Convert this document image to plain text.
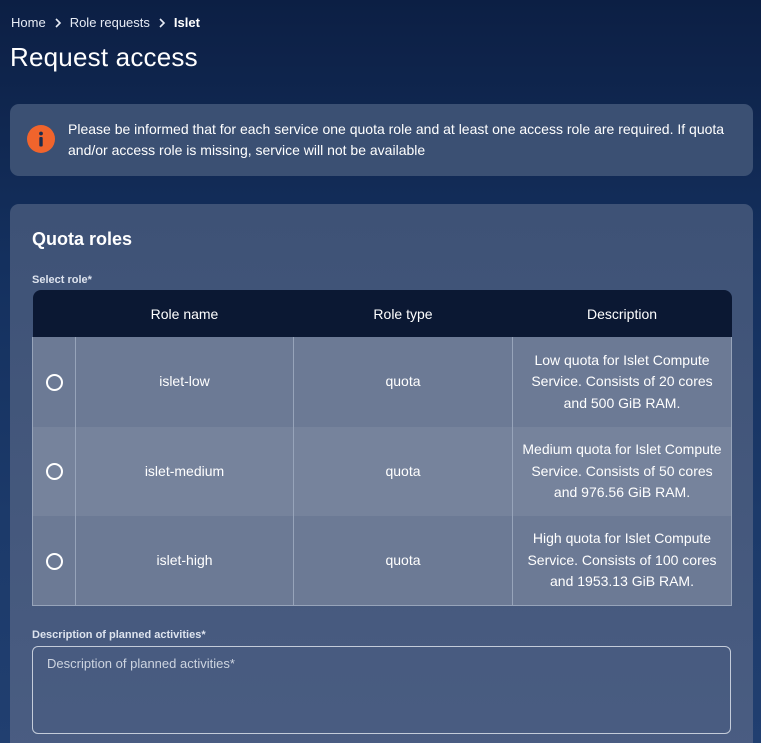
Home Role requests Islet
Request access

Please be informed that for each service one quota role and at least one access role are required. If quota and/or access role is missing, service will not be available

Quota roles
Select role*
	Role name	Role type	Description
	islet-low	quota	Low quota for Islet Compute Service. Consists of 20 cores and 500 GiB RAM.
	islet-medium	quota	Medium quota for Islet Compute Service. Consists of 50 cores and 976.56 GiB RAM.
	islet-high	quota	High quota for Islet Compute Service. Consists of 100 cores and 1953.13 GiB RAM.
Description of planned activities*
Description of planned activities*
